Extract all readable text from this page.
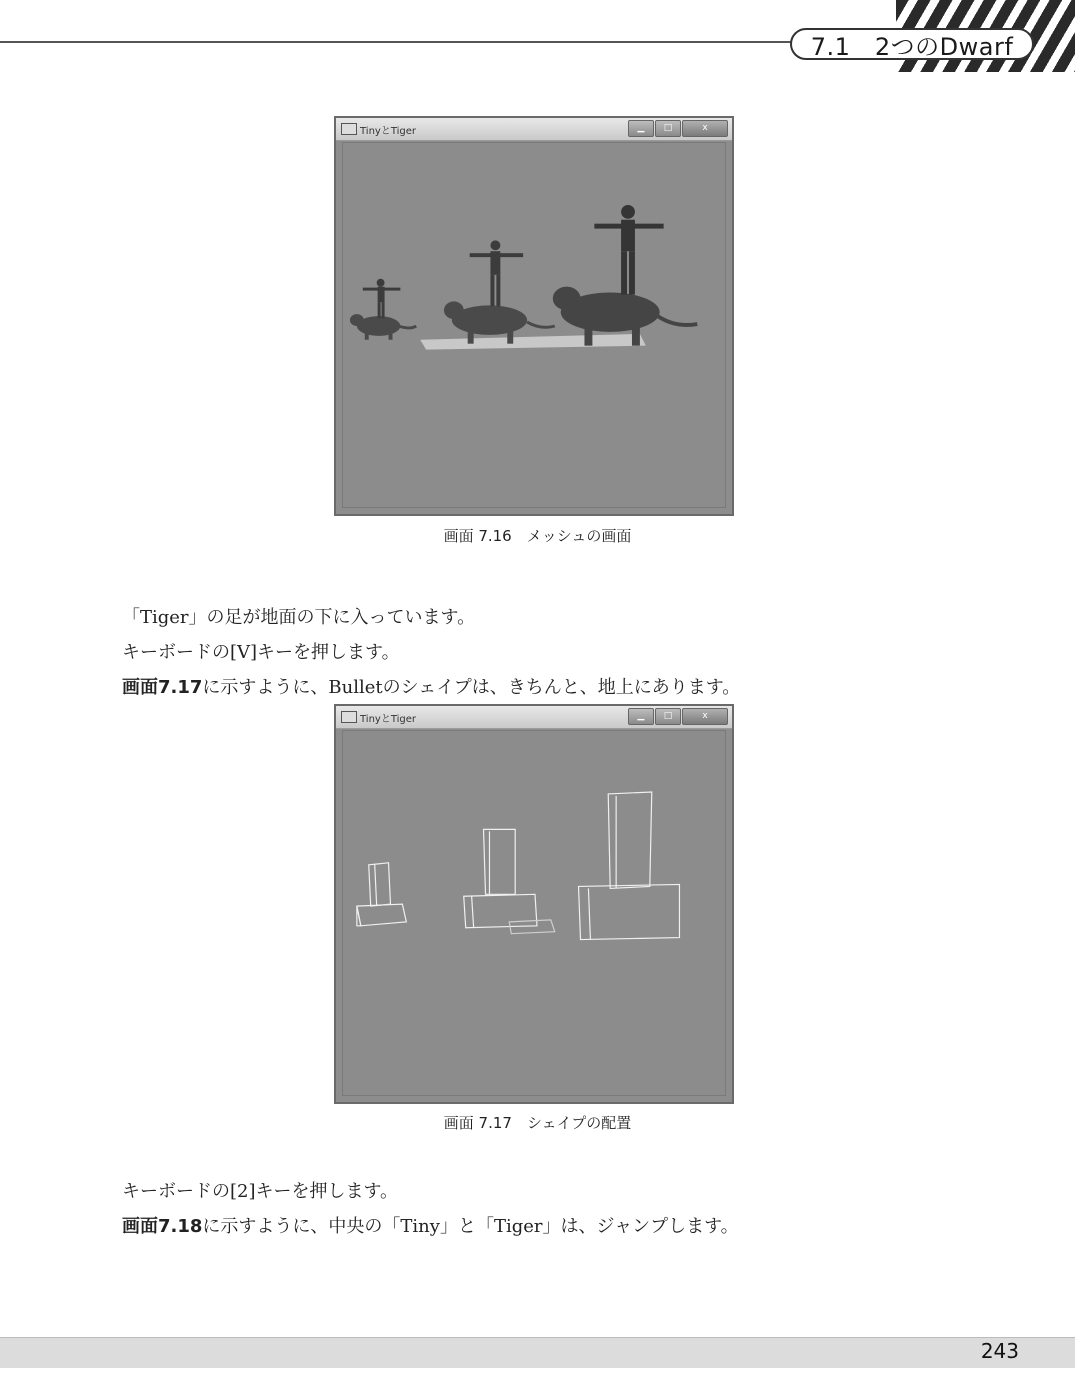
7.1　2つのDwarf
TinyとTiger	▁	□	x
画面 7.16　メッシュの画面
「Tiger」の足が地面の下に入っています。
キーボードの[V]キーを押します。
画面7.17に示すように、Bulletのシェイプは、きちんと、地上にあります。
TinyとTiger	▁	□	x
画面 7.17　シェイプの配置
キーボードの[2]キーを押します。
画面7.18に示すように、中央の「Tiny」と「Tiger」は、ジャンプします。
243
